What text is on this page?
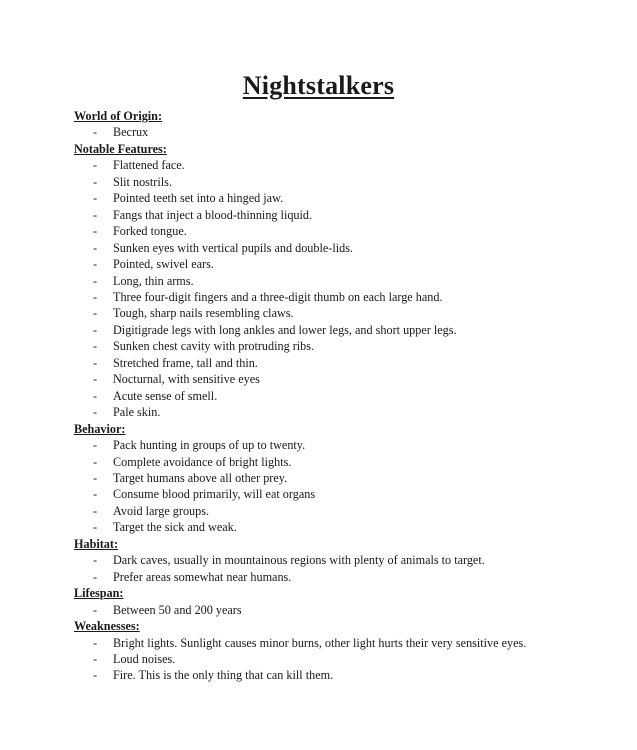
Nightstalkers
World of Origin:
- Becrux
Notable Features:
- Flattened face.
- Slit nostrils.
- Pointed teeth set into a hinged jaw.
- Fangs that inject a blood-thinning liquid.
- Forked tongue.
- Sunken eyes with vertical pupils and double-lids.
- Pointed, swivel ears.
- Long, thin arms.
- Three four-digit fingers and a three-digit thumb on each large hand.
- Tough, sharp nails resembling claws.
- Digitigrade legs with long ankles and lower legs, and short upper legs.
- Sunken chest cavity with protruding ribs.
- Stretched frame, tall and thin.
- Nocturnal, with sensitive eyes
- Acute sense of smell.
- Pale skin.
Behavior:
- Pack hunting in groups of up to twenty.
- Complete avoidance of bright lights.
- Target humans above all other prey.
- Consume blood primarily, will eat organs
- Avoid large groups.
- Target the sick and weak.
Habitat:
- Dark caves, usually in mountainous regions with plenty of animals to target.
- Prefer areas somewhat near humans.
Lifespan:
- Between 50 and 200 years
Weaknesses:
- Bright lights. Sunlight causes minor burns, other light hurts their very sensitive eyes.
- Loud noises.
- Fire. This is the only thing that can kill them.
